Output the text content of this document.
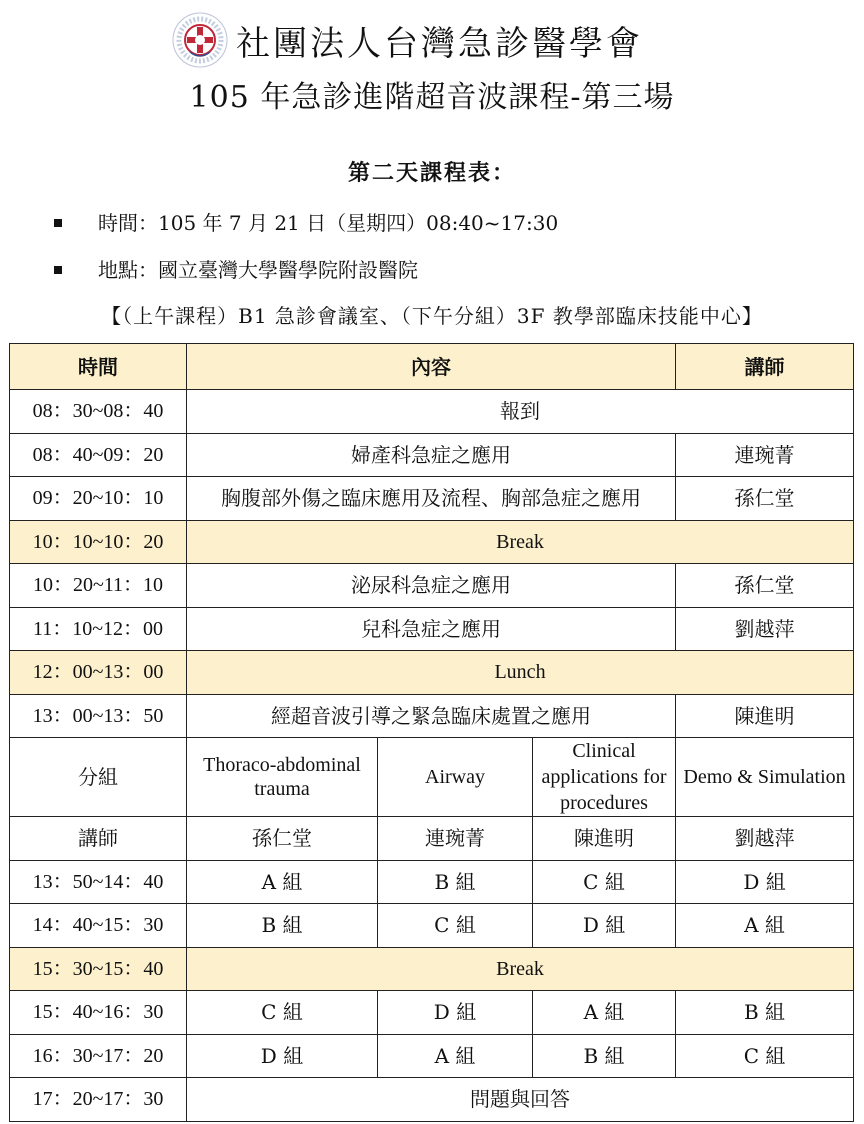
社團法人台灣急診醫學會
105 年急診進階超音波課程-第三場
第二天課程表：
時間：105 年 7 月 21 日（星期四）08:40~17:30
地點：國立臺灣大學醫學院附設醫院
【（上午課程）B1 急診會議室、（下午分組）3F 教學部臨床技能中心】
時間	內容			講師
08：30~08：40	報到			
08：40~09：20	婦產科急症之應用			連琬菁
09：20~10：10	胸腹部外傷之臨床應用及流程、胸部急症之應用			孫仁堂
10：10~10：20	Break			
10：20~11：10	泌尿科急症之應用			孫仁堂
11：10~12：00	兒科急症之應用			劉越萍
12：00~13：00	Lunch			
13：00~13：50	經超音波引導之緊急臨床處置之應用			陳進明
分組	Thoraco-abdominal trauma	Airway	Clinical applications for procedures	Demo & Simulation
講師	孫仁堂	連琬菁	陳進明	劉越萍
13：50~14：40	A 組	B 組	C 組	D 組
14：40~15：30	B 組	C 組	D 組	A 組
15：30~15：40	Break			
15：40~16：30	C 組	D 組	A 組	B 組
16：30~17：20	D 組	A 組	B 組	C 組
17：20~17：30	問題與回答			
